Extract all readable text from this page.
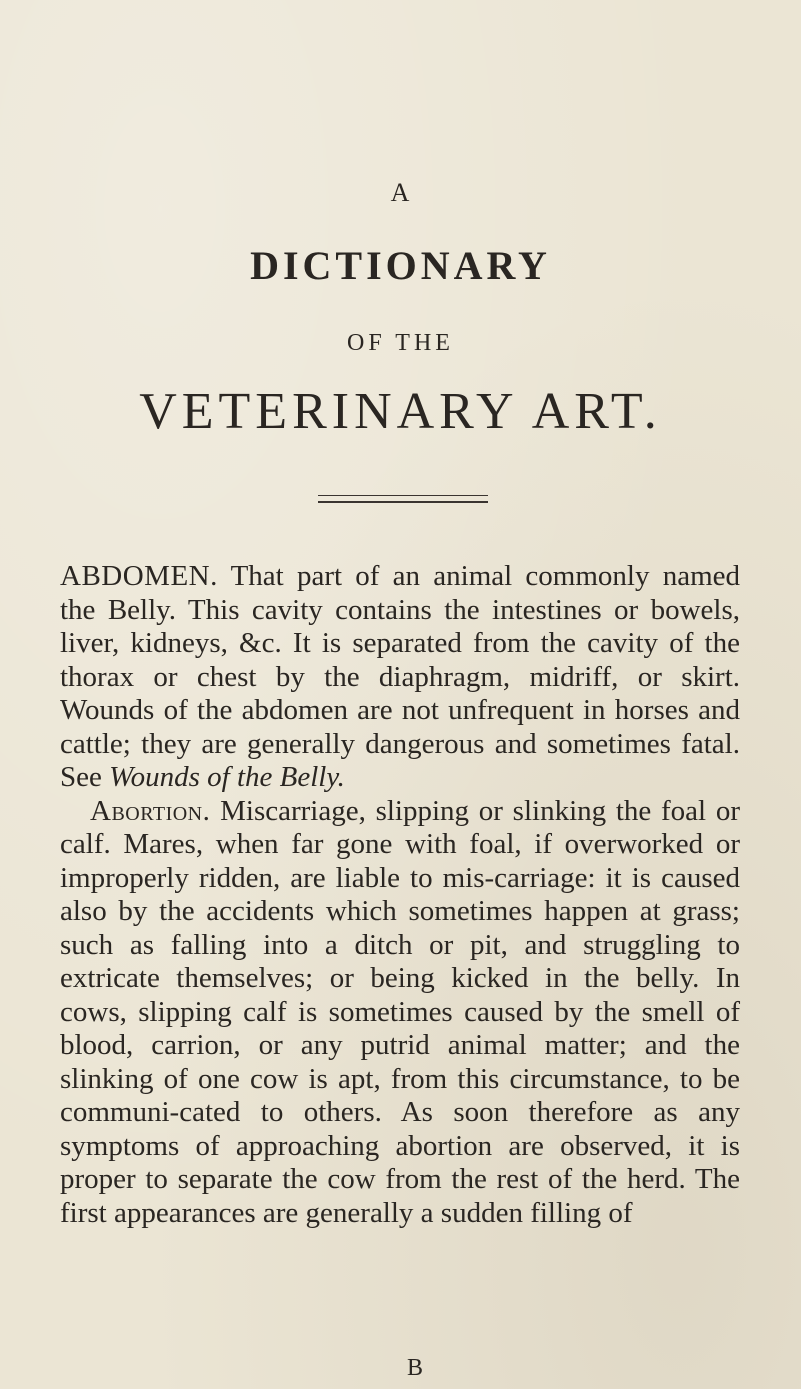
A
DICTIONARY
OF THE
VETERINARY ART.

ABDOMEN. That part of an animal commonly named the Belly. This cavity contains the intestines or bowels, liver, kidneys, &c. It is separated from the cavity of the thorax or chest by the diaphragm, midriff, or skirt. Wounds of the abdomen are not unfrequent in horses and cattle; they are generally dangerous and sometimes fatal. See Wounds of the Belly.

Abortion. Miscarriage, slipping or slinking the foal or calf. Mares, when far gone with foal, if overworked or improperly ridden, are liable to mis-carriage: it is caused also by the accidents which sometimes happen at grass; such as falling into a ditch or pit, and struggling to extricate themselves; or being kicked in the belly. In cows, slipping calf is sometimes caused by the smell of blood, carrion, or any putrid animal matter; and the slinking of one cow is apt, from this circumstance, to be communi-cated to others. As soon therefore as any symptoms of approaching abortion are observed, it is proper to separate the cow from the rest of the herd. The first appearances are generally a sudden filling of

B
